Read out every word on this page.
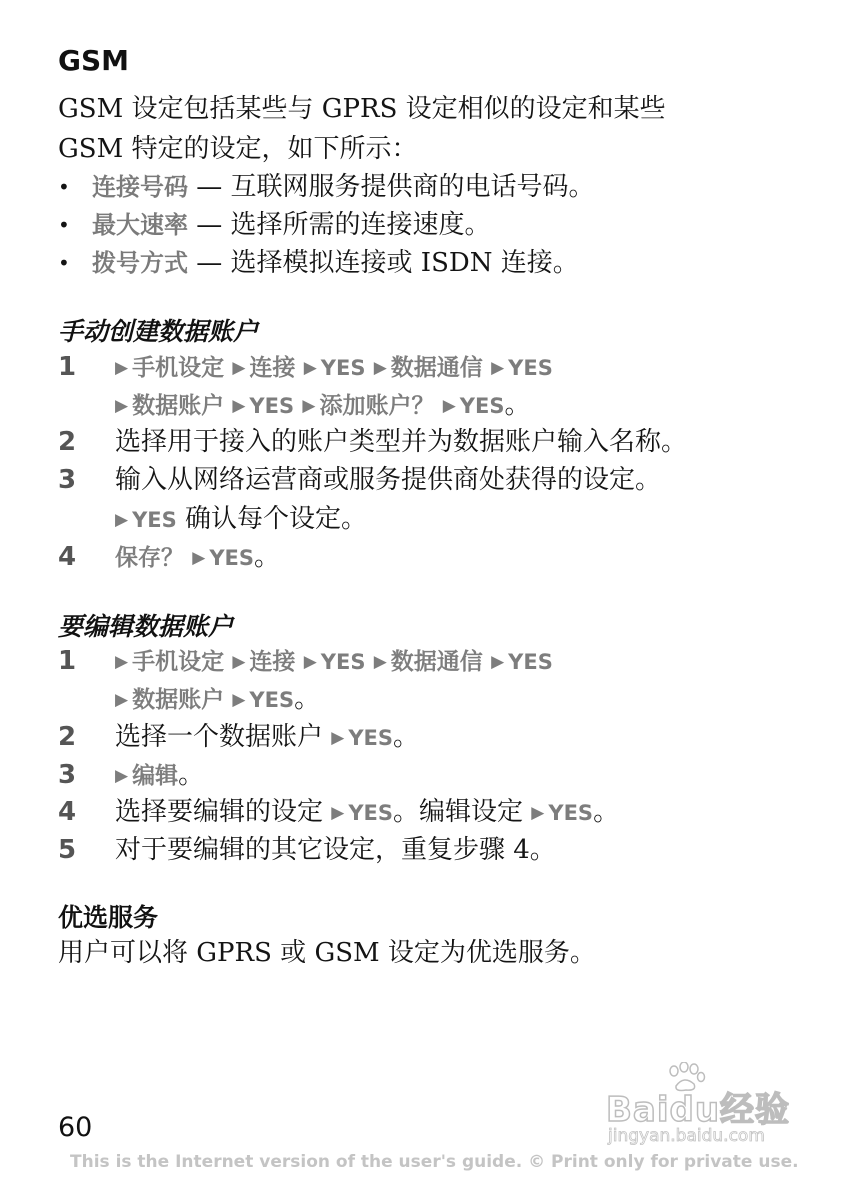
GSM
GSM 设定包括某些与 GPRS 设定相似的设定和某些
GSM 特定的设定，如下所示：
• 连接号码 — 互联网服务提供商的电话号码。
• 最大速率 — 选择所需的连接速度。
• 拨号方式 — 选择模拟连接或 ISDN 连接。
手动创建数据账户
1 ▶ 手机设定 ▶ 连接 ▶ YES ▶ 数据通信 ▶ YES
▶ 数据账户 ▶ YES ▶ 添加账户？ ▶ YES。
2 选择用于接入的账户类型并为数据账户输入名称。
3 输入从网络运营商或服务提供商处获得的设定。
▶ YES 确认每个设定。
4 保存？ ▶ YES。
要编辑数据账户
1 ▶ 手机设定 ▶ 连接 ▶ YES ▶ 数据通信 ▶ YES
▶ 数据账户 ▶ YES。
2 选择一个数据账户 ▶ YES。
3 ▶ 编辑。
4 选择要编辑的设定 ▶ YES。编辑设定 ▶ YES。
5 对于要编辑的其它设定，重复步骤 4。
优选服务
用户可以将 GPRS 或 GSM 设定为优选服务。
Baidu经验
jingyan.baidu.com
60
This is the Internet version of the user's guide. © Print only for private use.
